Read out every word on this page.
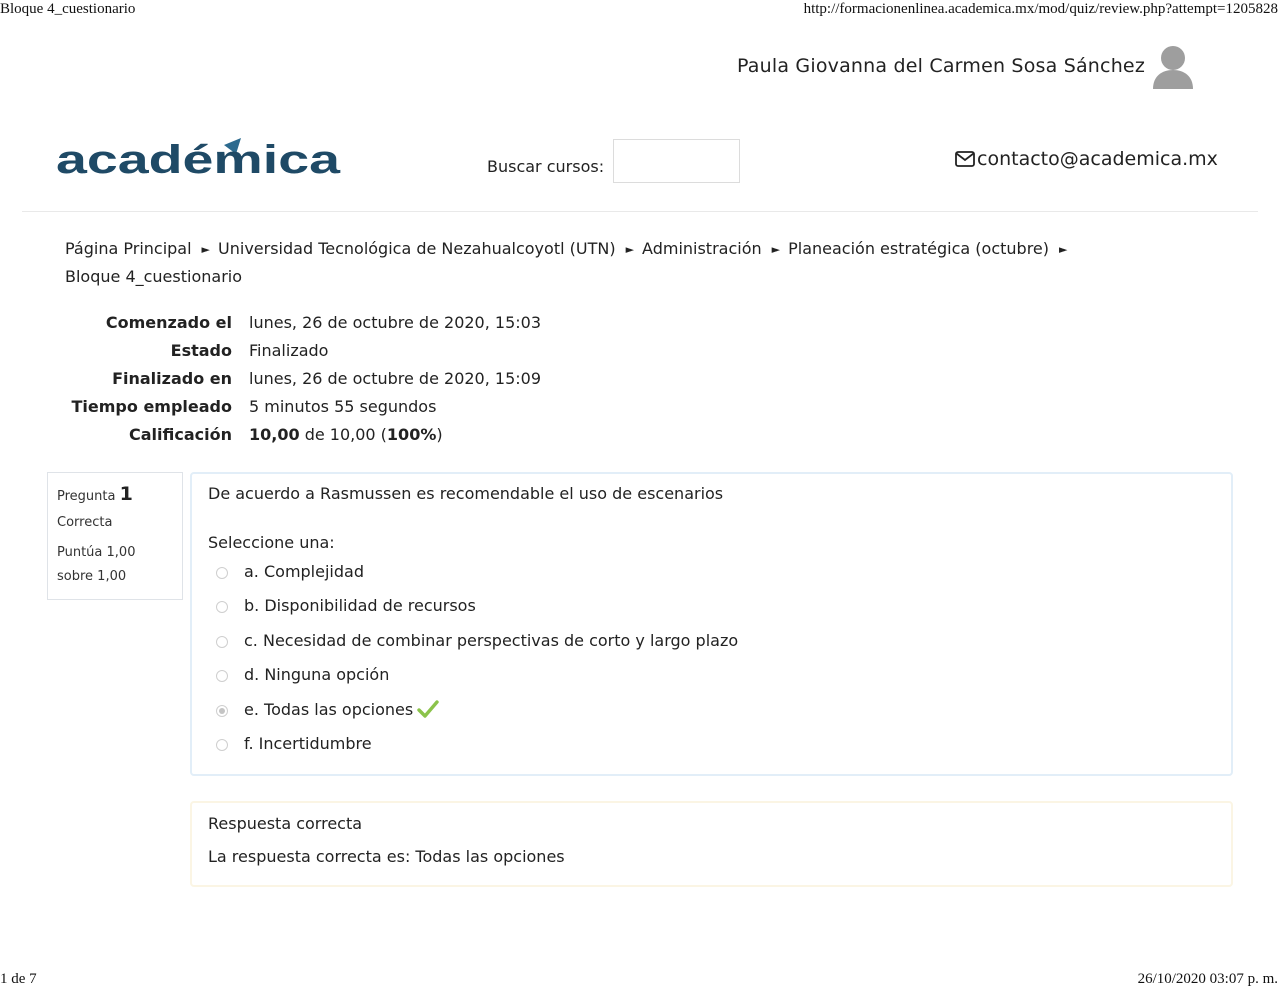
Bloque 4_cuestionario	http://formacionenlinea.academica.mx/mod/quiz/review.php?attempt=1205828
Paula Giovanna del Carmen Sosa Sánchez
académica	Buscar cursos:	contacto@academica.mx
Página Principal ► Universidad Tecnológica de Nezahualcoyotl (UTN) ► Administración ► Planeación estratégica (octubre) ►
Bloque 4_cuestionario
Comenzado el	lunes, 26 de octubre de 2020, 15:03
Estado	Finalizado
Finalizado en	lunes, 26 de octubre de 2020, 15:09
Tiempo empleado	5 minutos 55 segundos
Calificación	10,00 de 10,00 (100%)
Pregunta 1
Correcta
Puntúa 1,00 sobre 1,00
De acuerdo a Rasmussen es recomendable el uso de escenarios
Seleccione una:
a. Complejidad
b. Disponibilidad de recursos
c. Necesidad de combinar perspectivas de corto y largo plazo
d. Ninguna opción
e. Todas las opciones
f. Incertidumbre
Respuesta correcta
La respuesta correcta es: Todas las opciones
1 de 7	26/10/2020 03:07 p. m.
